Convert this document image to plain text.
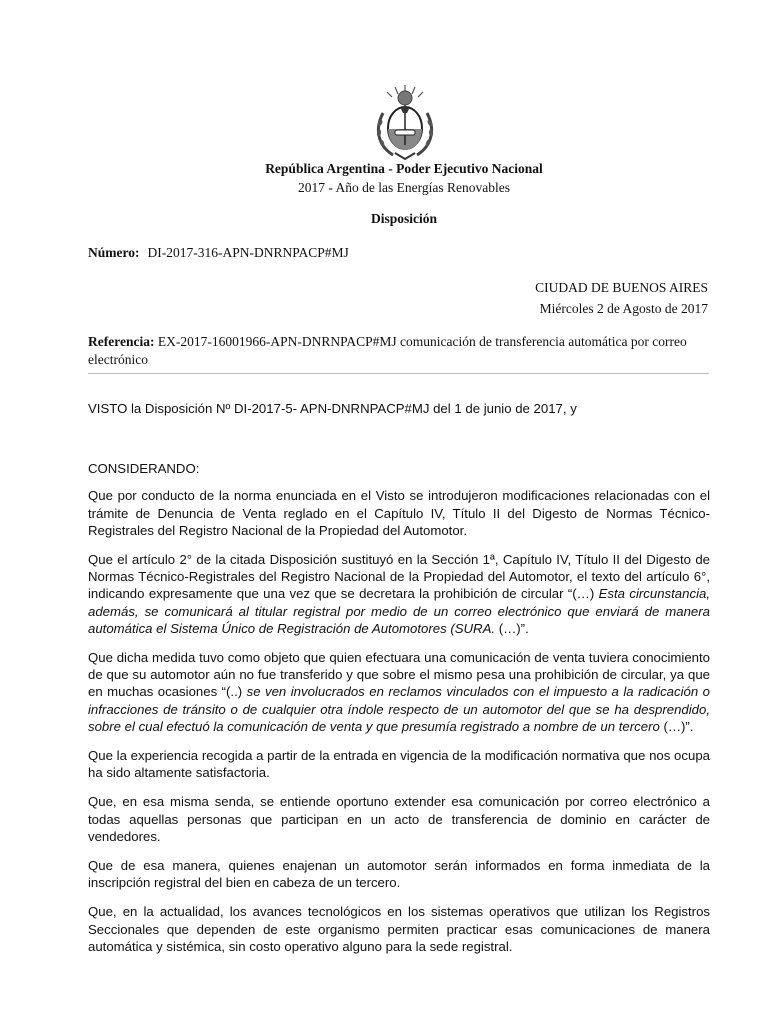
República Argentina - Poder Ejecutivo Nacional
2017 - Año de las Energías Renovables
Disposición
Número: DI-2017-316-APN-DNRNPACP#MJ
CIUDAD DE BUENOS AIRES
Miércoles 2 de Agosto de 2017
Referencia: EX-2017-16001966-APN-DNRNPACP#MJ comunicación de transferencia automática por correo electrónico

VISTO la Disposición Nº DI-2017-5- APN-DNRNPACP#MJ del 1 de junio de 2017, y

CONSIDERANDO:

Que por conducto de la norma enunciada en el Visto se introdujeron modificaciones relacionadas con el trámite de Denuncia de Venta reglado en el Capítulo IV, Título II del Digesto de Normas Técnico-Registrales del Registro Nacional de la Propiedad del Automotor.

Que el artículo 2° de la citada Disposición sustituyó en la Sección 1ª, Capítulo IV, Título II del Digesto de Normas Técnico-Registrales del Registro Nacional de la Propiedad del Automotor, el texto del artículo 6°, indicando expresamente que una vez que se decretara la prohibición de circular “(…) Esta circunstancia, además, se comunicará al titular registral por medio de un correo electrónico que enviará de manera automática el Sistema Único de Registración de Automotores (SURA. (…)”.

Que dicha medida tuvo como objeto que quien efectuara una comunicación de venta tuviera conocimiento de que su automotor aún no fue transferido y que sobre el mismo pesa una prohibición de circular, ya que en muchas ocasiones “(..) se ven involucrados en reclamos vinculados con el impuesto a la radicación o infracciones de tránsito o de cualquier otra índole respecto de un automotor del que se ha desprendido, sobre el cual efectuó la comunicación de venta y que presumía registrado a nombre de un tercero (…)”.

Que la experiencia recogida a partir de la entrada en vigencia de la modificación normativa que nos ocupa ha sido altamente satisfactoria.

Que, en esa misma senda, se entiende oportuno extender esa comunicación por correo electrónico a todas aquellas personas que participan en un acto de transferencia de dominio en carácter de vendedores.

Que de esa manera, quienes enajenan un automotor serán informados en forma inmediata de la inscripción registral del bien en cabeza de un tercero.

Que, en la actualidad, los avances tecnológicos en los sistemas operativos que utilizan los Registros Seccionales que dependen de este organismo permiten practicar esas comunicaciones de manera automática y sistémica, sin costo operativo alguno para la sede registral.
